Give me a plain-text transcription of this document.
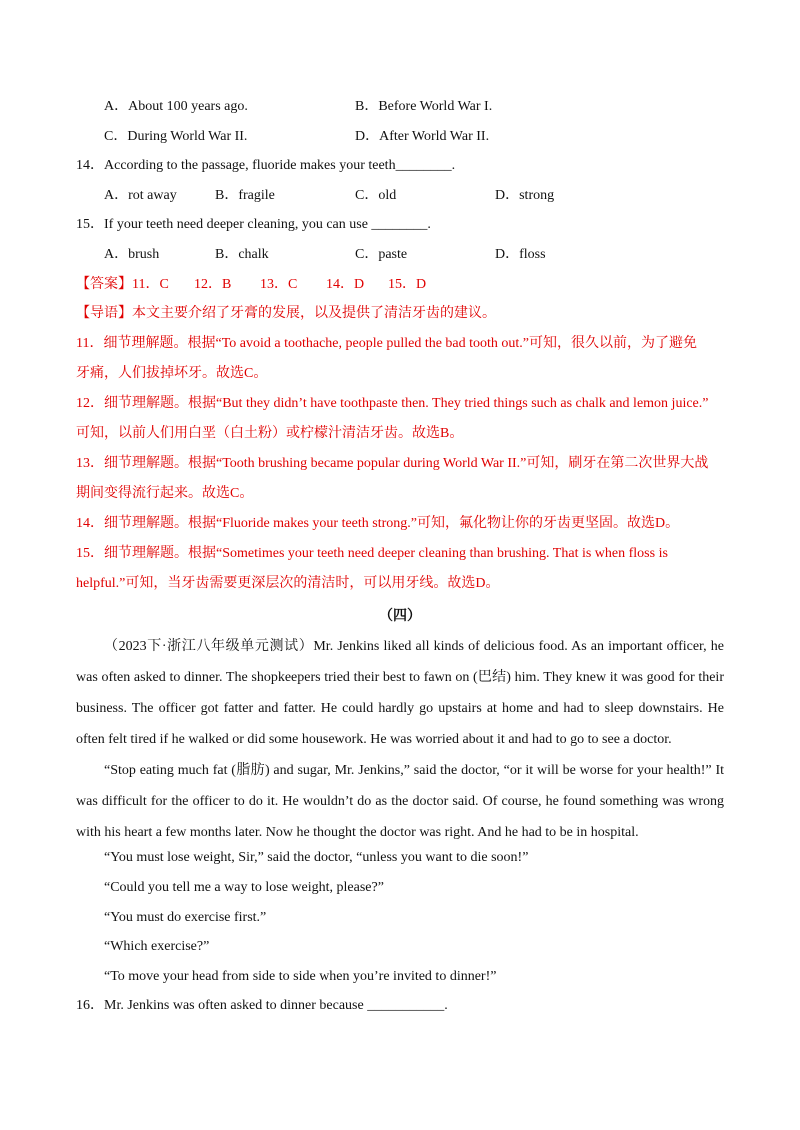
A．About 100 years ago.	B．Before World War I.
C．During World War II.	D．After World War II.
14．According to the passage, fluoride makes your teeth________.
A．rot away	B．fragile	C．old	D．strong
15．If your teeth need deeper cleaning, you can use ________.
A．brush	B．chalk	C．paste	D．floss
【答案】11．C 12．B 13．C 14．D 15．D
【导语】本文主要介绍了牙膏的发展，以及提供了清洁牙齿的建议。
11．细节理解题。根据“To avoid a toothache, people pulled the bad tooth out.”可知，很久以前，为了避免
牙痛，人们拔掉坏牙。故选C。
12．细节理解题。根据“But they didn’t have toothpaste then. They tried things such as chalk and lemon juice.”
可知，以前人们用白垩（白土粉）或柠檬汁清洁牙齿。故选B。
13．细节理解题。根据“Tooth brushing became popular during World War II.”可知，刷牙在第二次世界大战
期间变得流行起来。故选C。
14．细节理解题。根据“Fluoride makes your teeth strong.”可知，氟化物让你的牙齿更坚固。故选D。
15．细节理解题。根据“Sometimes your teeth need deeper cleaning than brushing. That is when floss is
helpful.”可知，当牙齿需要更深层次的清洁时，可以用牙线。故选D。
（四）
（2023下·浙江八年级单元测试）Mr. Jenkins liked all kinds of delicious food. As an important officer, he was often asked to dinner. The shopkeepers tried their best to fawn on (巴结) him. They knew it was good for their business. The officer got fatter and fatter. He could hardly go upstairs at home and had to sleep downstairs. He often felt tired if he walked or did some housework. He was worried about it and had to go to see a doctor.
“Stop eating much fat (脂肪) and sugar, Mr. Jenkins,” said the doctor, “or it will be worse for your health!” It was difficult for the officer to do it. He wouldn’t do as the doctor said. Of course, he found something was wrong with his heart a few months later. Now he thought the doctor was right. And he had to be in hospital.
“You must lose weight, Sir,” said the doctor, “unless you want to die soon!”
“Could you tell me a way to lose weight, please?”
“You must do exercise first.”
“Which exercise?”
“To move your head from side to side when you’re invited to dinner!”
16．Mr. Jenkins was often asked to dinner because ___________.
